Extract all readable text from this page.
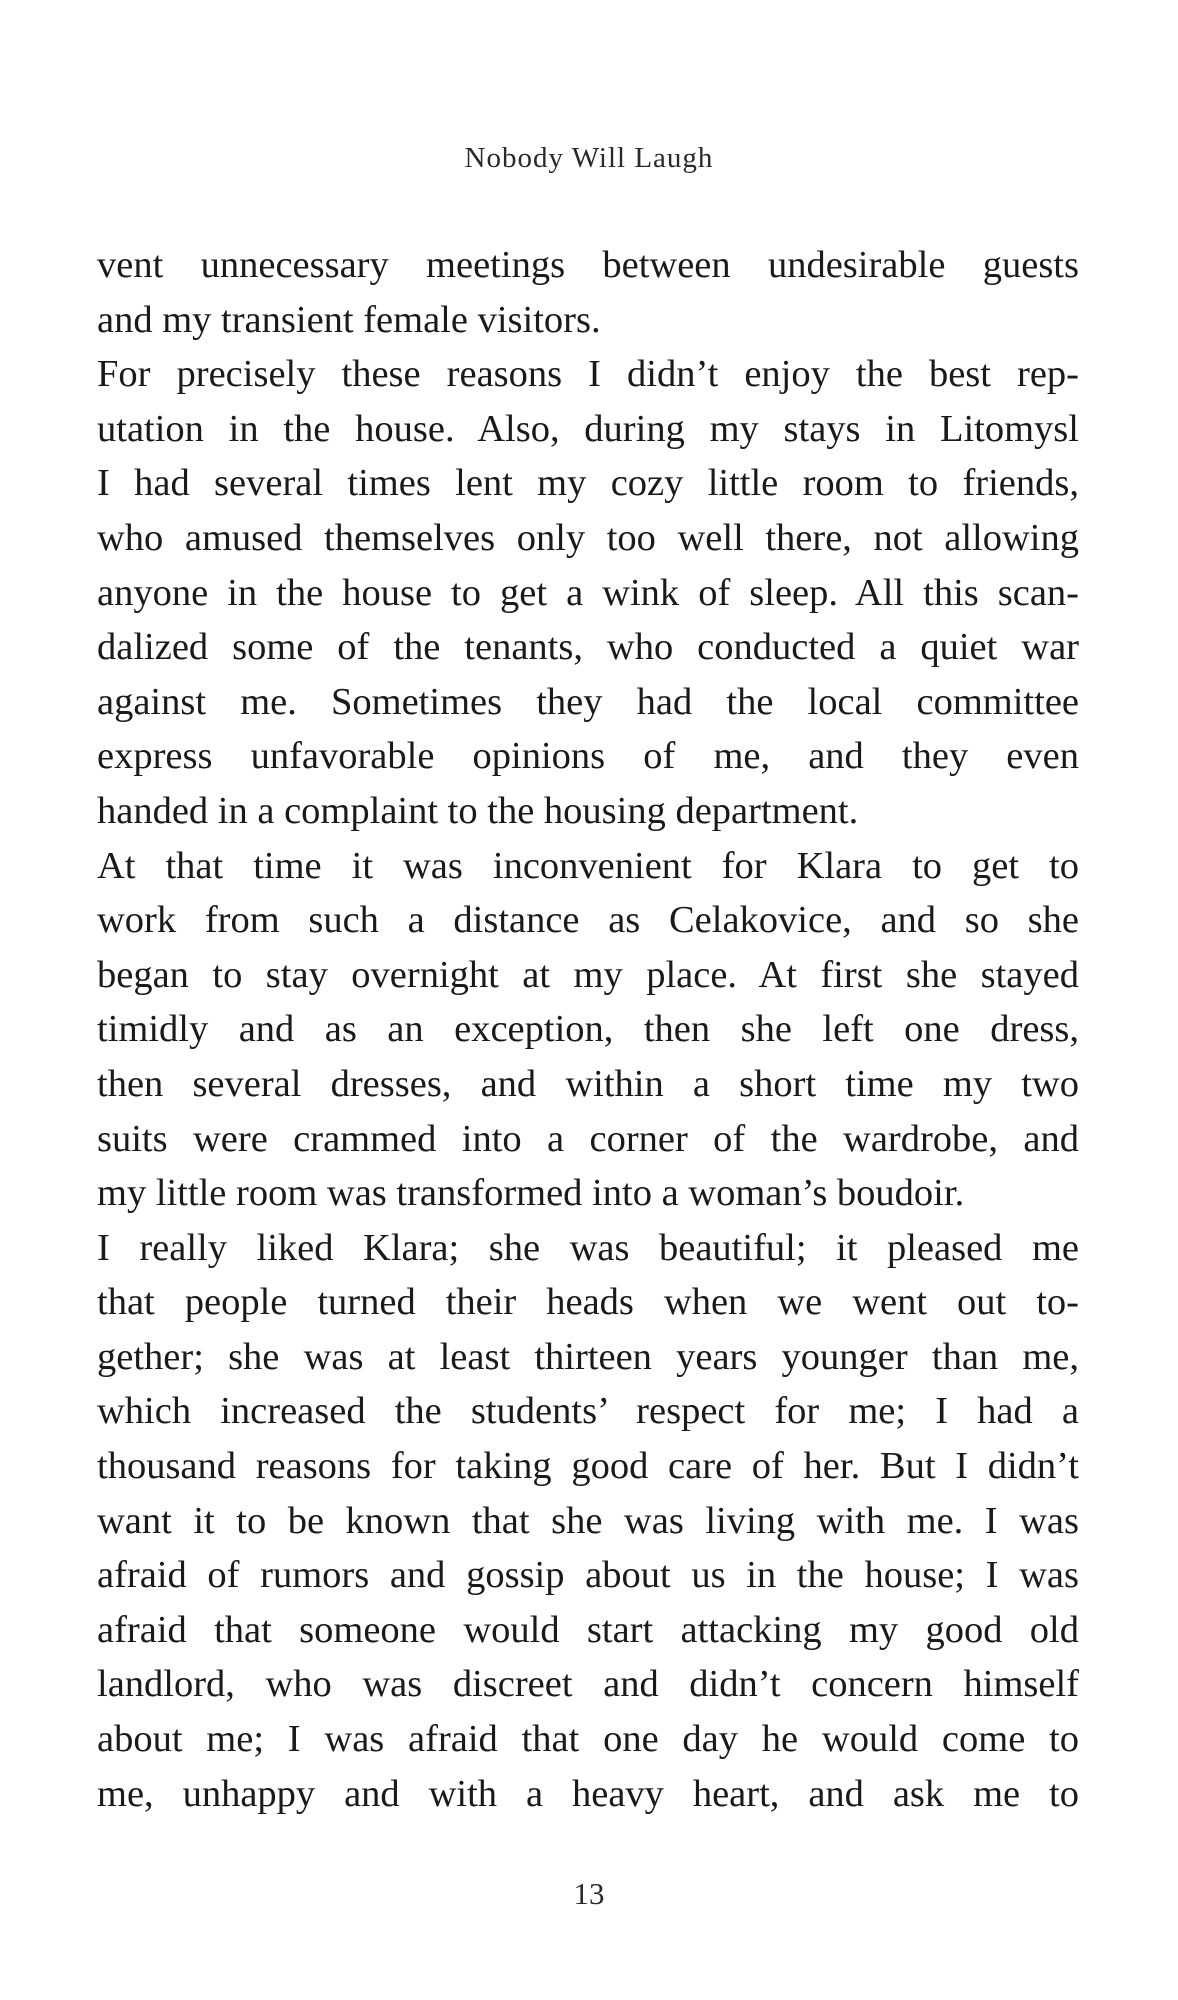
Nobody Will Laugh
vent unnecessary meetings between undesirable guests
and my transient female visitors.
For precisely these reasons I didn’t enjoy the best rep-
utation in the house. Also, during my stays in Litomysl
I had several times lent my cozy little room to friends,
who amused themselves only too well there, not allowing
anyone in the house to get a wink of sleep. All this scan-
dalized some of the tenants, who conducted a quiet war
against me. Sometimes they had the local committee
express unfavorable opinions of me, and they even
handed in a complaint to the housing department.
At that time it was inconvenient for Klara to get to
work from such a distance as Celakovice, and so she
began to stay overnight at my place. At first she stayed
timidly and as an exception, then she left one dress,
then several dresses, and within a short time my two
suits were crammed into a corner of the wardrobe, and
my little room was transformed into a woman’s boudoir.
I really liked Klara; she was beautiful; it pleased me
that people turned their heads when we went out to-
gether; she was at least thirteen years younger than me,
which increased the students’ respect for me; I had a
thousand reasons for taking good care of her. But I didn’t
want it to be known that she was living with me. I was
afraid of rumors and gossip about us in the house; I was
afraid that someone would start attacking my good old
landlord, who was discreet and didn’t concern himself
about me; I was afraid that one day he would come to
me, unhappy and with a heavy heart, and ask me to
13
